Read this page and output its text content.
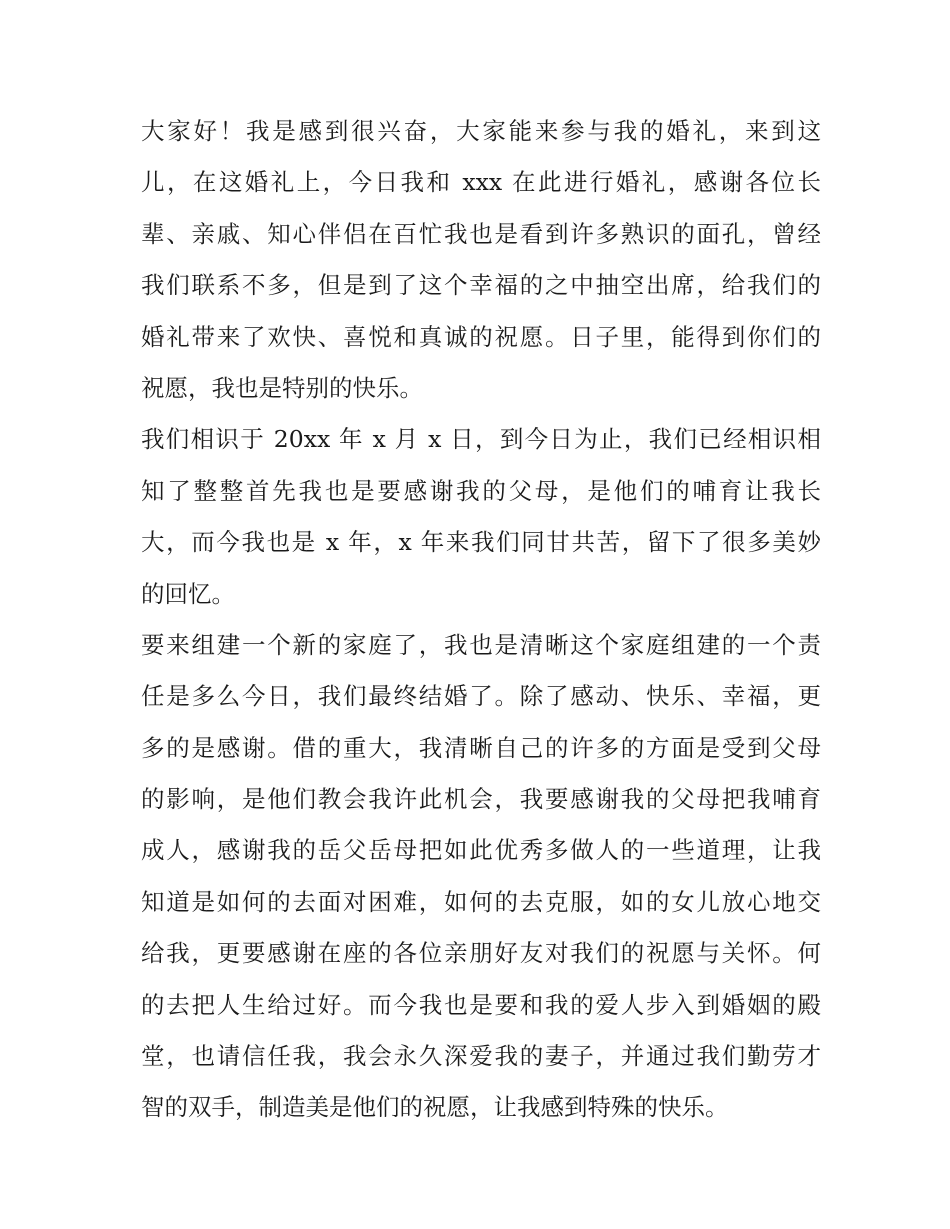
大家好！我是感到很兴奋，大家能来参与我的婚礼，来到这
儿，在这婚礼上，今日我和 xxx 在此进行婚礼，感谢各位长
辈、亲戚、知心伴侣在百忙我也是看到许多熟识的面孔，曾经
我们联系不多，但是到了这个幸福的之中抽空出席，给我们的
婚礼带来了欢快、喜悦和真诚的祝愿。日子里，能得到你们的
祝愿，我也是特别的快乐。
我们相识于 20xx 年 x 月 x 日，到今日为止，我们已经相识相
知了整整首先我也是要感谢我的父母，是他们的哺育让我长
大，而今我也是 x 年，x 年来我们同甘共苦，留下了很多美妙
的回忆。
要来组建一个新的家庭了，我也是清晰这个家庭组建的一个责
任是多么今日，我们最终结婚了。除了感动、快乐、幸福，更
多的是感谢。借的重大，我清晰自己的许多的方面是受到父母
的影响，是他们教会我许此机会，我要感谢我的父母把我哺育
成人，感谢我的岳父岳母把如此优秀多做人的一些道理，让我
知道是如何的去面对困难，如何的去克服，如的女儿放心地交
给我，更要感谢在座的各位亲朋好友对我们的祝愿与关怀。何
的去把人生给过好。而今我也是要和我的爱人步入到婚姻的殿
堂，也请信任我，我会永久深爱我的妻子，并通过我们勤劳才
智的双手，制造美是他们的祝愿，让我感到特殊的快乐。
